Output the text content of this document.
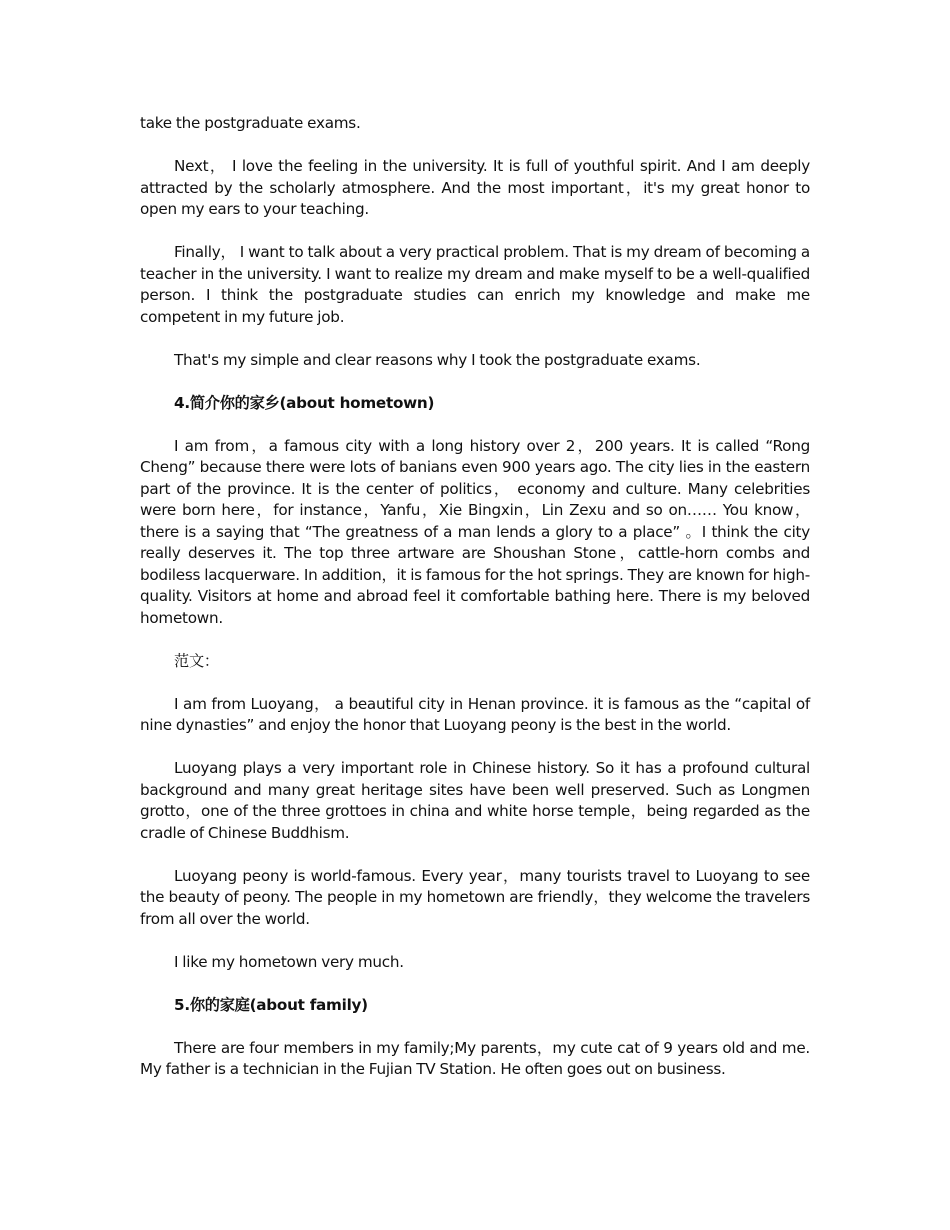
take the postgraduate exams.

Next， I love the feeling in the university. It is full of youthful spirit. And I am deeply attracted by the scholarly atmosphere. And the most important，it's my great honor to open my ears to your teaching.

Finally， I want to talk about a very practical problem. That is my dream of becoming a teacher in the university. I want to realize my dream and make myself to be a well-qualified person. I think the postgraduate studies can enrich my knowledge and make me competent in my future job.

That's my simple and clear reasons why I took the postgraduate exams.

4.简介你的家乡(about hometown)

I am from，a famous city with a long history over 2，200 years. It is called “Rong Cheng” because there were lots of banians even 900 years ago. The city lies in the eastern part of the province. It is the center of politics， economy and culture. Many celebrities were born here，for instance，Yanfu，Xie Bingxin，Lin Zexu and so on…… You know， there is a saying that “The greatness of a man lends a glory to a place” 。I think the city really deserves it. The top three artware are Shoushan Stone，cattle-horn combs and bodiless lacquerware. In addition，it is famous for the hot springs. They are known for high-quality. Visitors at home and abroad feel it comfortable bathing here. There is my beloved hometown.

范文：

I am from Luoyang， a beautiful city in Henan province. it is famous as the “capital of nine dynasties” and enjoy the honor that Luoyang peony is the best in the world.

Luoyang plays a very important role in Chinese history. So it has a profound cultural background and many great heritage sites have been well preserved. Such as Longmen grotto，one of the three grottoes in china and white horse temple，being regarded as the cradle of Chinese Buddhism.

Luoyang peony is world-famous. Every year，many tourists travel to Luoyang to see the beauty of peony. The people in my hometown are friendly，they welcome the travelers from all over the world.

I like my hometown very much.

5.你的家庭(about family)

There are four members in my family;My parents，my cute cat of 9 years old and me. My father is a technician in the Fujian TV Station. He often goes out on business.
